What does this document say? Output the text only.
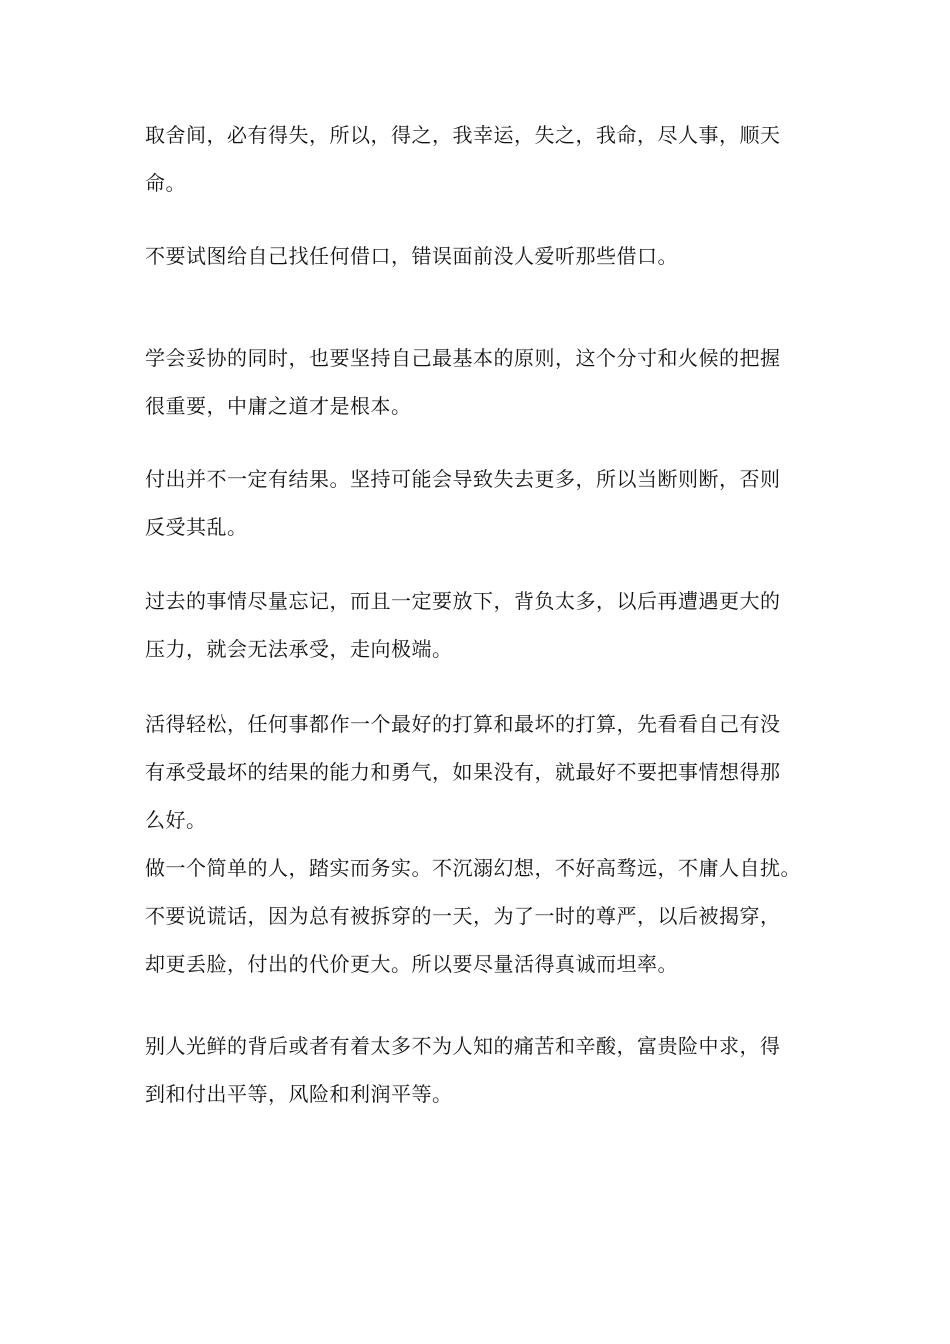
取舍间，必有得失，所以，得之，我幸运，失之，我命，尽人事，顺天
命。

不要试图给自己找任何借口，错误面前没人爱听那些借口。

学会妥协的同时，也要坚持自己最基本的原则，这个分寸和火候的把握
很重要，中庸之道才是根本。

付出并不一定有结果。坚持可能会导致失去更多，所以当断则断，否则
反受其乱。

过去的事情尽量忘记，而且一定要放下，背负太多，以后再遭遇更大的
压力，就会无法承受，走向极端。

活得轻松，任何事都作一个最好的打算和最坏的打算，先看看自己有没
有承受最坏的结果的能力和勇气，如果没有，就最好不要把事情想得那
么好。
做一个简单的人，踏实而务实。不沉溺幻想，不好高骛远，不庸人自扰。
不要说谎话，因为总有被拆穿的一天，为了一时的尊严，以后被揭穿，
却更丢脸，付出的代价更大。所以要尽量活得真诚而坦率。

别人光鲜的背后或者有着太多不为人知的痛苦和辛酸，富贵险中求，得
到和付出平等，风险和利润平等。
